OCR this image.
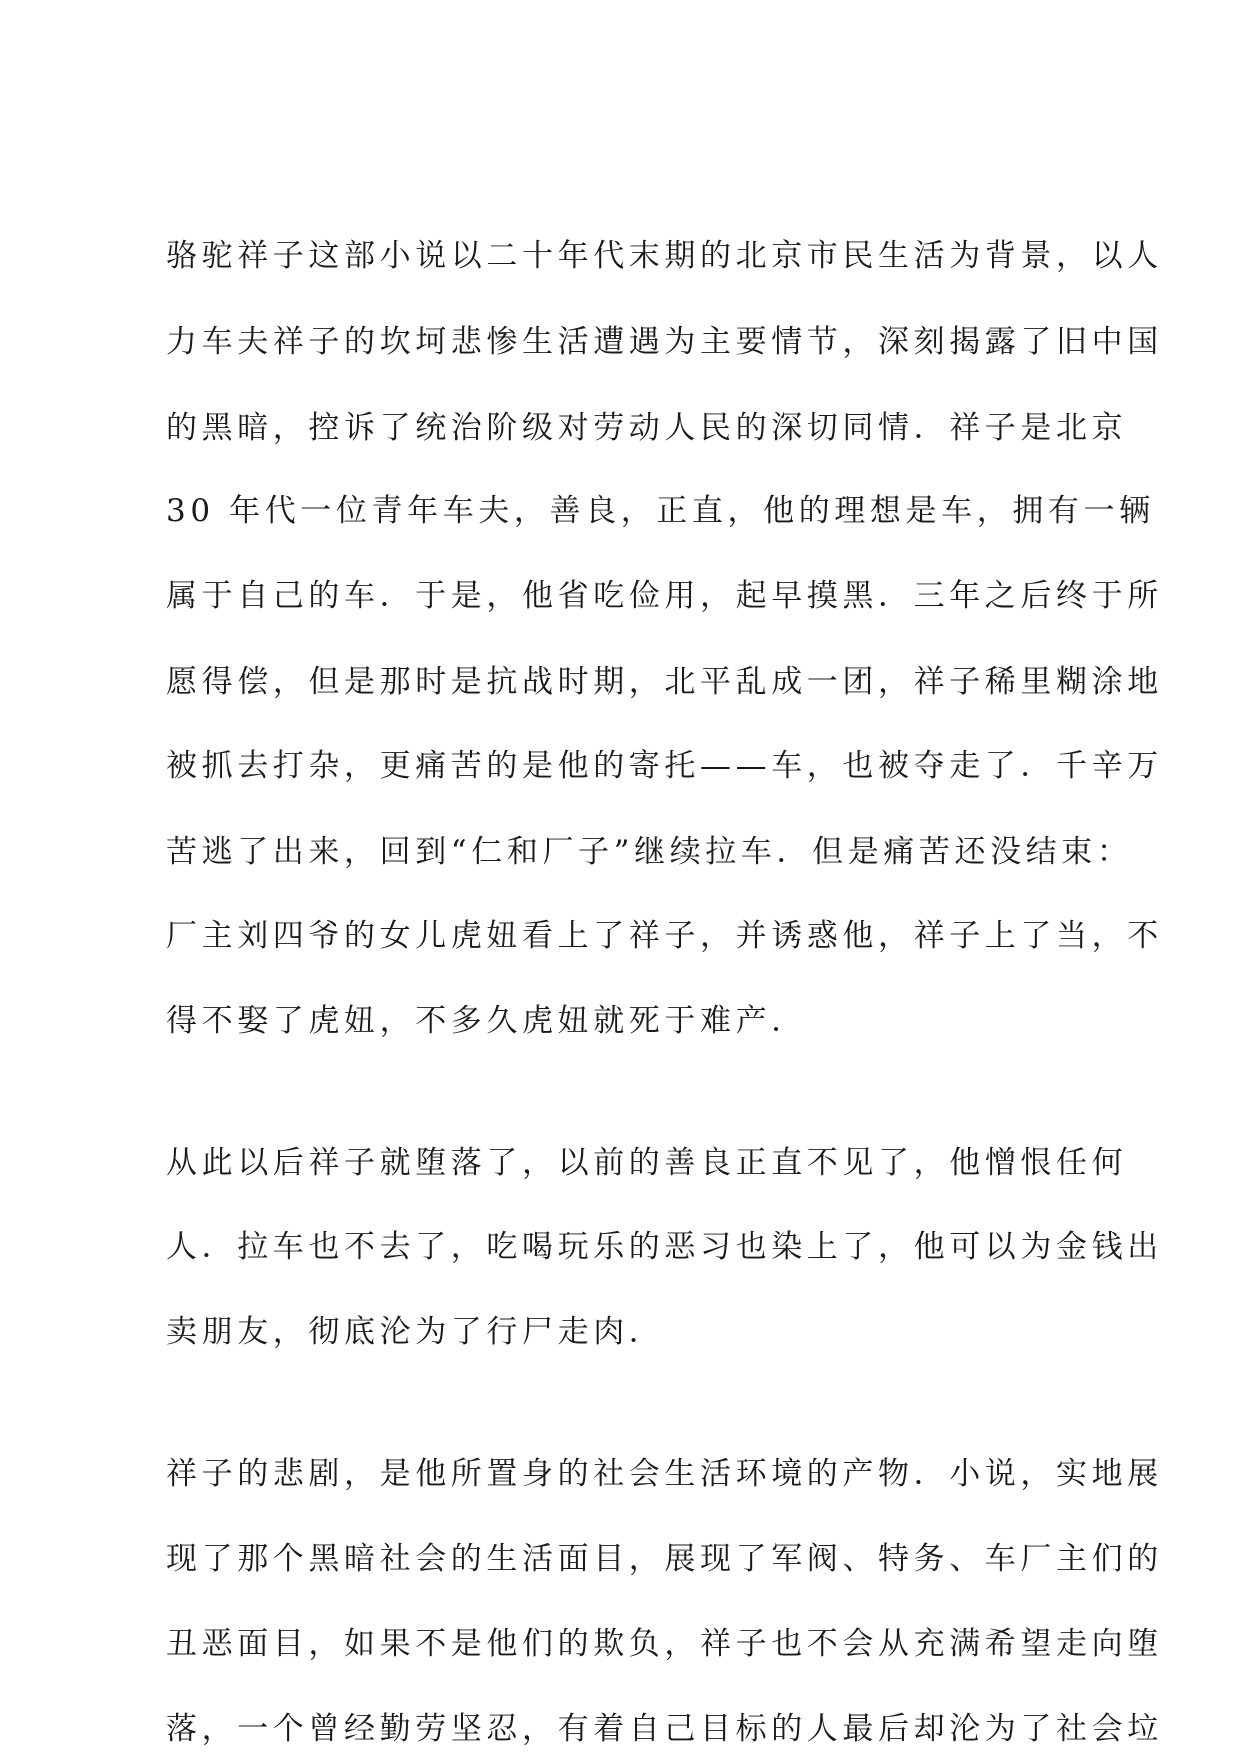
骆驼祥子这部小说以二十年代末期的北京市民生活为背景，以人
力车夫祥子的坎坷悲惨生活遭遇为主要情节，深刻揭露了旧中国
的黑暗，控诉了统治阶级对劳动人民的深切同情．祥子是北京
30 年代一位青年车夫，善良，正直，他的理想是车，拥有一辆
属于自己的车．于是，他省吃俭用，起早摸黑．三年之后终于所
愿得偿，但是那时是抗战时期，北平乱成一团，祥子稀里糊涂地
被抓去打杂，更痛苦的是他的寄托——车，也被夺走了．千辛万
苦逃了出来，回到“仁和厂子”继续拉车．但是痛苦还没结束：
厂主刘四爷的女儿虎妞看上了祥子，并诱惑他，祥子上了当，不
得不娶了虎妞，不多久虎妞就死于难产．
从此以后祥子就堕落了，以前的善良正直不见了，他憎恨任何
人．拉车也不去了，吃喝玩乐的恶习也染上了，他可以为金钱出
卖朋友，彻底沦为了行尸走肉．
祥子的悲剧，是他所置身的社会生活环境的产物．小说，实地展
现了那个黑暗社会的生活面目，展现了军阀、特务、车厂主们的
丑恶面目，如果不是他们的欺负，祥子也不会从充满希望走向堕
落，一个曾经勤劳坚忍，有着自己目标的人最后却沦为了社会垃
